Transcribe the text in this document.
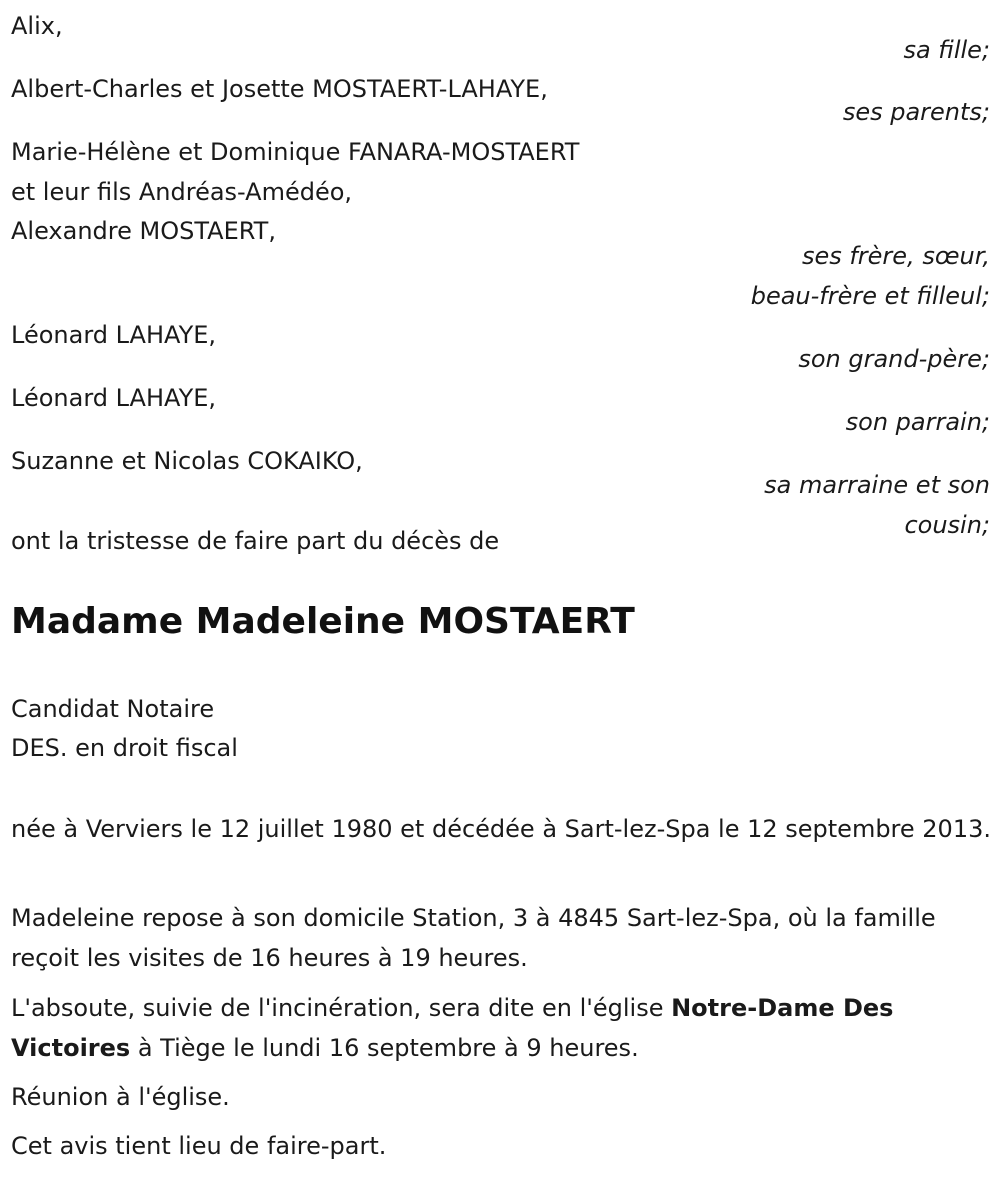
Alix,
sa fille;
Albert-Charles et Josette MOSTAERT-LAHAYE,
ses parents;
Marie-Hélène et Dominique FANARA-MOSTAERT
et leur fils Andréas-Amédéo,
Alexandre MOSTAERT,
ses frère, sœur,
beau-frère et filleul;
Léonard LAHAYE,
son grand-père;
Léonard LAHAYE,
son parrain;
Suzanne et Nicolas COKAIKO,
sa marraine et son
cousin;
ont la tristesse de faire part du décès de
Madame Madeleine MOSTAERT
Candidat Notaire
DES. en droit fiscal
née à Verviers le 12 juillet 1980 et décédée à Sart-lez-Spa le 12 septembre 2013.
Madeleine repose à son domicile Station, 3 à 4845 Sart-lez-Spa, où la famille reçoit les visites de 16 heures à 19 heures.
L'absoute, suivie de l'incinération, sera dite en l'église Notre-Dame Des Victoires à Tiège le lundi 16 septembre à 9 heures.
Réunion à l'église.
Cet avis tient lieu de faire-part.
